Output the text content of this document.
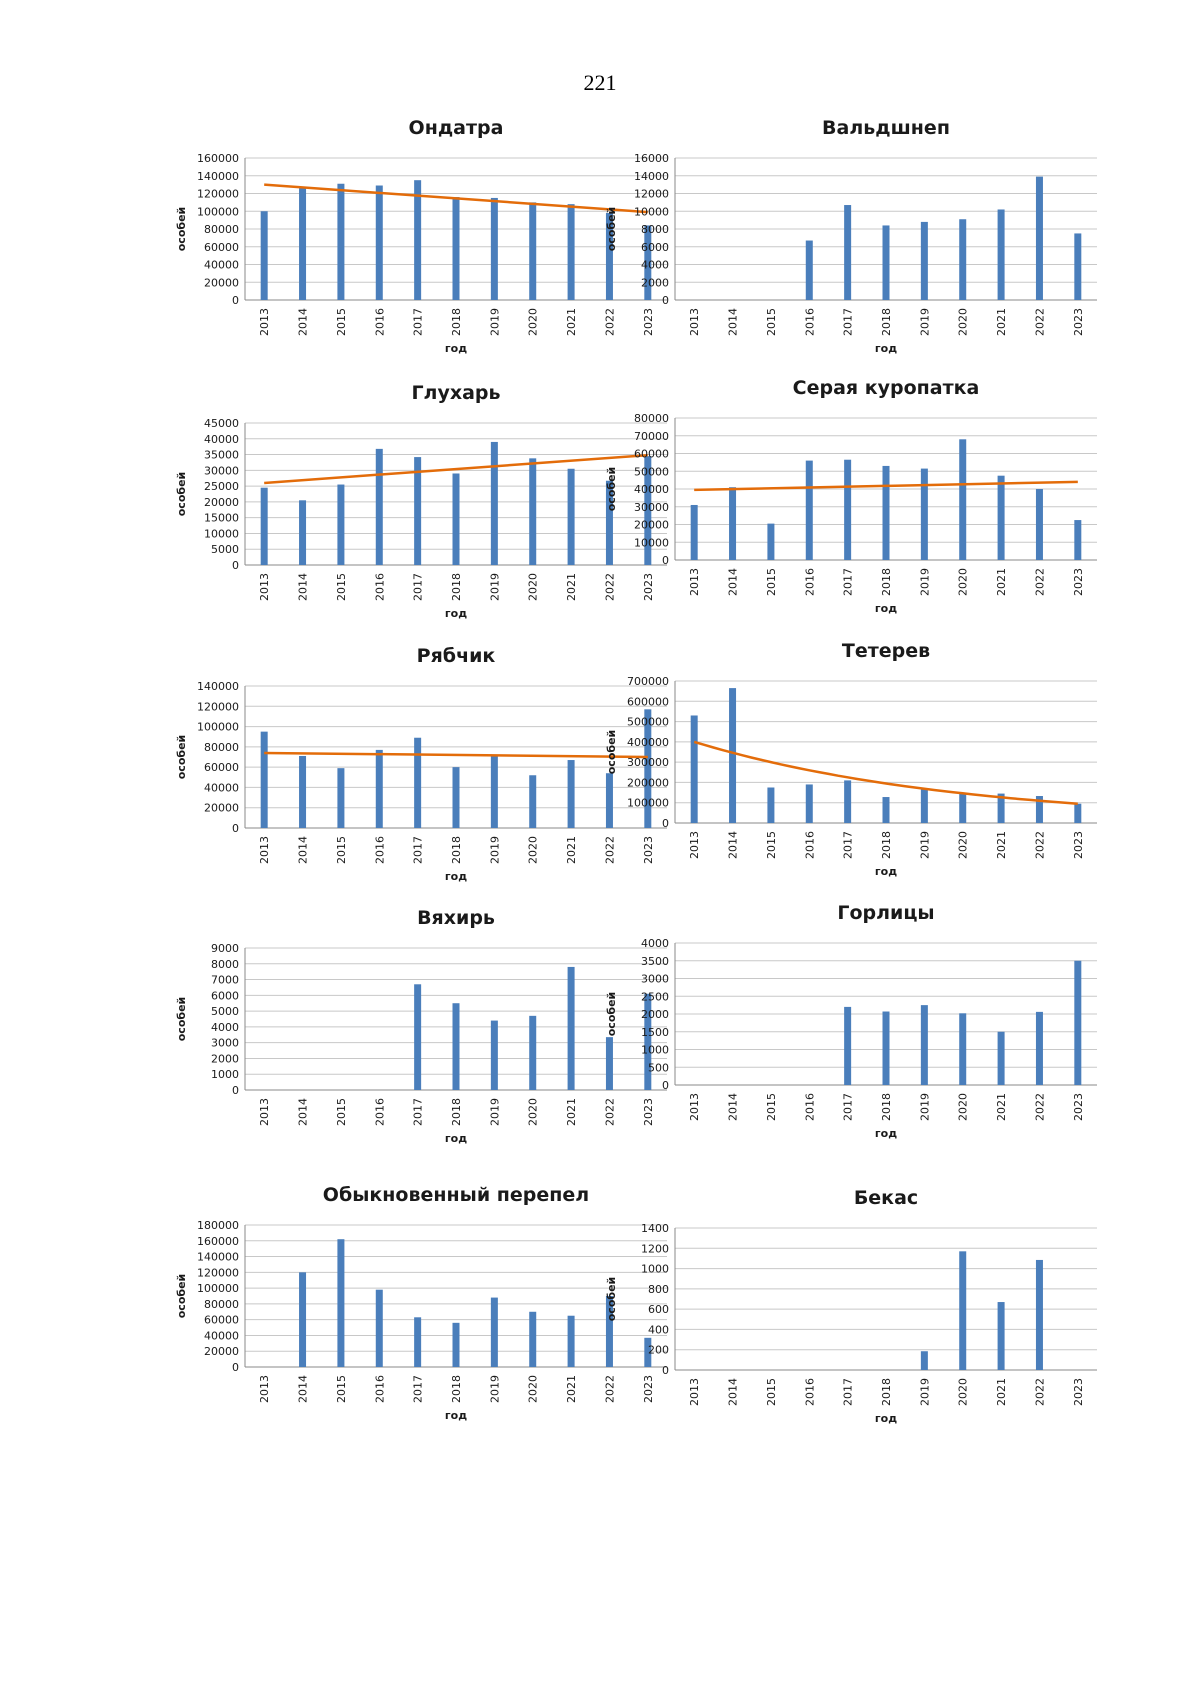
221
Ондатра
0
20000
40000
60000
80000
100000
120000
140000
160000
2013 2014 2015 2016 2017 2018 2019 2020 2021 2022 2023
год
особей
Вальдшнеп
0
2000
4000
6000
8000
10000
12000
14000
16000
2013 2014 2015 2016 2017 2018 2019 2020 2021 2022 2023
год
особей
Глухарь
0
5000
10000
15000
20000
25000
30000
35000
40000
45000
2013 2014 2015 2016 2017 2018 2019 2020 2021 2022 2023
год
особей
Серая куропатка
0
10000
20000
30000
40000
50000
60000
70000
80000
2013 2014 2015 2016 2017 2018 2019 2020 2021 2022 2023
год
особей
Рябчик
0
20000
40000
60000
80000
100000
120000
140000
2013 2014 2015 2016 2017 2018 2019 2020 2021 2022 2023
год
особей
Тетерев
0
100000
200000
300000
400000
500000
600000
700000
2013 2014 2015 2016 2017 2018 2019 2020 2021 2022 2023
год
особей
Вяхирь
0
1000
2000
3000
4000
5000
6000
7000
8000
9000
2013 2014 2015 2016 2017 2018 2019 2020 2021 2022 2023
год
особей
Горлицы
0
500
1000
1500
2000
2500
3000
3500
4000
2013 2014 2015 2016 2017 2018 2019 2020 2021 2022 2023
год
особей
Обыкновенный перепел
0
20000
40000
60000
80000
100000
120000
140000
160000
180000
2013 2014 2015 2016 2017 2018 2019 2020 2021 2022 2023
год
особей
Бекас
0
200
400
600
800
1000
1200
1400
2013 2014 2015 2016 2017 2018 2019 2020 2021 2022 2023
год
особей
